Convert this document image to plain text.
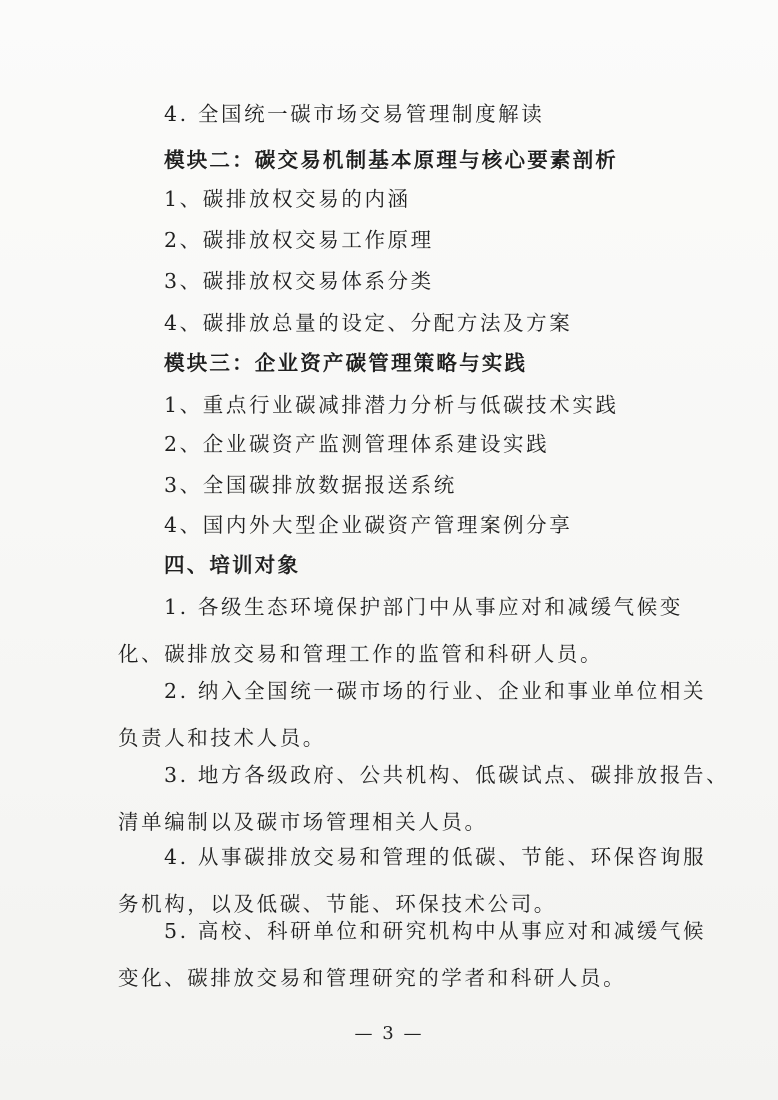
4. 全国统一碳市场交易管理制度解读
模块二：碳交易机制基本原理与核心要素剖析
1、碳排放权交易的内涵
2、碳排放权交易工作原理
3、碳排放权交易体系分类
4、碳排放总量的设定、分配方法及方案
模块三：企业资产碳管理策略与实践
1、重点行业碳减排潜力分析与低碳技术实践
2、企业碳资产监测管理体系建设实践
3、全国碳排放数据报送系统
4、国内外大型企业碳资产管理案例分享
四、培训对象
1. 各级生态环境保护部门中从事应对和减缓气候变
化、碳排放交易和管理工作的监管和科研人员。
2. 纳入全国统一碳市场的行业、企业和事业单位相关
负责人和技术人员。
3. 地方各级政府、公共机构、低碳试点、碳排放报告、
清单编制以及碳市场管理相关人员。
4. 从事碳排放交易和管理的低碳、节能、环保咨询服
务机构，以及低碳、节能、环保技术公司。
5. 高校、科研单位和研究机构中从事应对和减缓气候
变化、碳排放交易和管理研究的学者和科研人员。
— 3 —
